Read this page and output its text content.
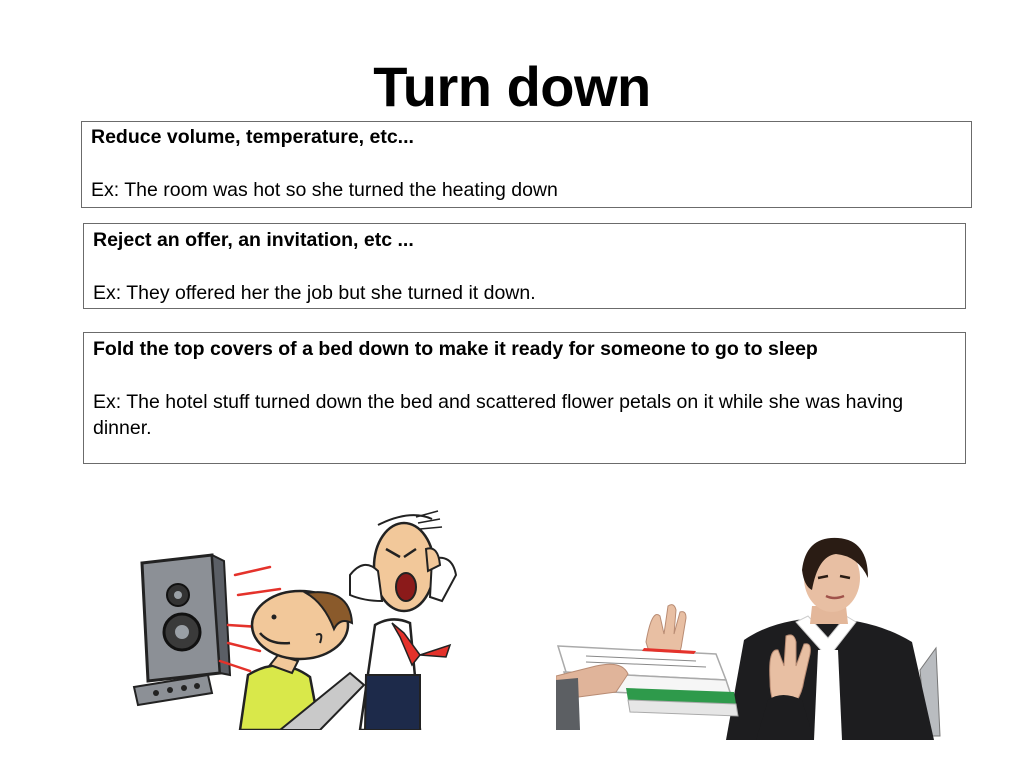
Turn down
Reduce volume, temperature, etc...
Ex: The room was hot so she turned the heating down
Reject an offer, an invitation, etc ...
Ex: They offered her the job but she turned it down.
Fold the top covers of a bed down to make it ready for someone to go to sleep
Ex: The hotel stuff turned down the bed and scattered flower petals on it while she was having dinner.
